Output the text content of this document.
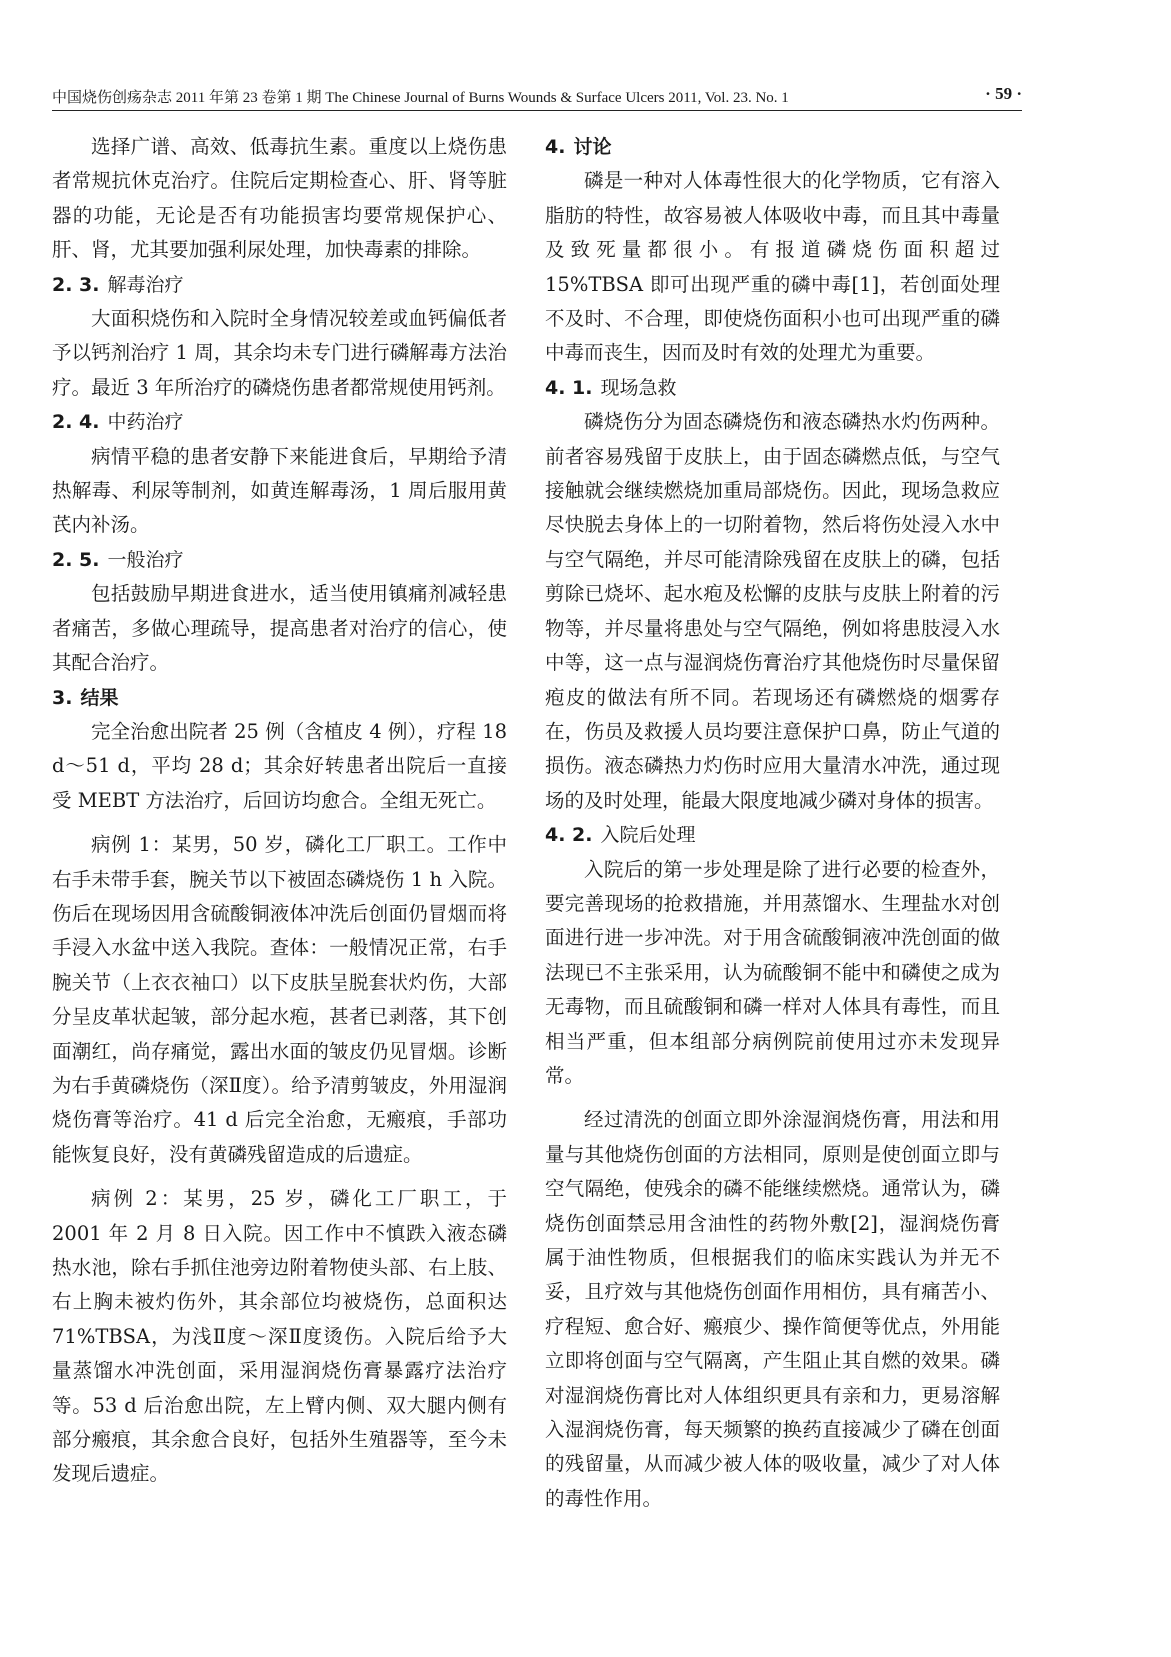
中国烧伤创疡杂志 2011 年第 23 卷第 1 期 The Chinese Journal of Burns Wounds & Surface Ulcers 2011, Vol. 23. No. 1	· 59 ·

选择广谱、高效、低毒抗生素。重度以上烧伤患者常规抗休克治疗。住院后定期检查心、肝、肾等脏器的功能，无论是否有功能损害均要常规保护心、肝、肾，尤其要加强利尿处理，加快毒素的排除。

2. 3. 解毒治疗

大面积烧伤和入院时全身情况较差或血钙偏低者予以钙剂治疗 1 周，其余均未专门进行磷解毒方法治疗。最近 3 年所治疗的磷烧伤患者都常规使用钙剂。

2. 4. 中药治疗

病情平稳的患者安静下来能进食后，早期给予清热解毒、利尿等制剂，如黄连解毒汤，1 周后服用黄芪内补汤。

2. 5. 一般治疗

包括鼓励早期进食进水，适当使用镇痛剂减轻患者痛苦，多做心理疏导，提高患者对治疗的信心，使其配合治疗。

3. 结果

完全治愈出院者 25 例（含植皮 4 例），疗程 18 d～51 d，平均 28 d；其余好转患者出院后一直接受 MEBT 方法治疗，后回访均愈合。全组无死亡。

病例 1：某男，50 岁，磷化工厂职工。工作中右手未带手套，腕关节以下被固态磷烧伤 1 h 入院。伤后在现场因用含硫酸铜液体冲洗后创面仍冒烟而将手浸入水盆中送入我院。查体：一般情况正常，右手腕关节（上衣衣袖口）以下皮肤呈脱套状灼伤，大部分呈皮革状起皱，部分起水疱，甚者已剥落，其下创面潮红，尚存痛觉，露出水面的皱皮仍见冒烟。诊断为右手黄磷烧伤（深Ⅱ度）。给予清剪皱皮，外用湿润烧伤膏等治疗。41 d 后完全治愈，无瘢痕，手部功能恢复良好，没有黄磷残留造成的后遗症。

病例 2：某男，25 岁，磷化工厂职工，于 2001 年 2 月 8 日入院。因工作中不慎跌入液态磷热水池，除右手抓住池旁边附着物使头部、右上肢、右上胸未被灼伤外，其余部位均被烧伤，总面积达 71%TBSA，为浅Ⅱ度～深Ⅱ度烫伤。入院后给予大量蒸馏水冲洗创面，采用湿润烧伤膏暴露疗法治疗等。53 d 后治愈出院，左上臂内侧、双大腿内侧有部分瘢痕，其余愈合良好，包括外生殖器等，至今未发现后遗症。

4. 讨论

磷是一种对人体毒性很大的化学物质，它有溶入脂肪的特性，故容易被人体吸收中毒，而且其中毒量及致死量都很小。有报道磷烧伤面积超过 15%TBSA 即可出现严重的磷中毒[1]，若创面处理不及时、不合理，即使烧伤面积小也可出现严重的磷中毒而丧生，因而及时有效的处理尤为重要。

4. 1. 现场急救

磷烧伤分为固态磷烧伤和液态磷热水灼伤两种。前者容易残留于皮肤上，由于固态磷燃点低，与空气接触就会继续燃烧加重局部烧伤。因此，现场急救应尽快脱去身体上的一切附着物，然后将伤处浸入水中与空气隔绝，并尽可能清除残留在皮肤上的磷，包括剪除已烧坏、起水疱及松懈的皮肤与皮肤上附着的污物等，并尽量将患处与空气隔绝，例如将患肢浸入水中等，这一点与湿润烧伤膏治疗其他烧伤时尽量保留疱皮的做法有所不同。若现场还有磷燃烧的烟雾存在，伤员及救援人员均要注意保护口鼻，防止气道的损伤。液态磷热力灼伤时应用大量清水冲洗，通过现场的及时处理，能最大限度地减少磷对身体的损害。

4. 2. 入院后处理

入院后的第一步处理是除了进行必要的检查外，要完善现场的抢救措施，并用蒸馏水、生理盐水对创面进行进一步冲洗。对于用含硫酸铜液冲洗创面的做法现已不主张采用，认为硫酸铜不能中和磷使之成为无毒物，而且硫酸铜和磷一样对人体具有毒性，而且相当严重，但本组部分病例院前使用过亦未发现异常。

经过清洗的创面立即外涂湿润烧伤膏，用法和用量与其他烧伤创面的方法相同，原则是使创面立即与空气隔绝，使残余的磷不能继续燃烧。通常认为，磷烧伤创面禁忌用含油性的药物外敷[2]，湿润烧伤膏属于油性物质，但根据我们的临床实践认为并无不妥，且疗效与其他烧伤创面作用相仿，具有痛苦小、疗程短、愈合好、瘢痕少、操作简便等优点，外用能立即将创面与空气隔离，产生阻止其自燃的效果。磷对湿润烧伤膏比对人体组织更具有亲和力，更易溶解入湿润烧伤膏，每天频繁的换药直接减少了磷在创面的残留量，从而减少被人体的吸收量，减少了对人体的毒性作用。
